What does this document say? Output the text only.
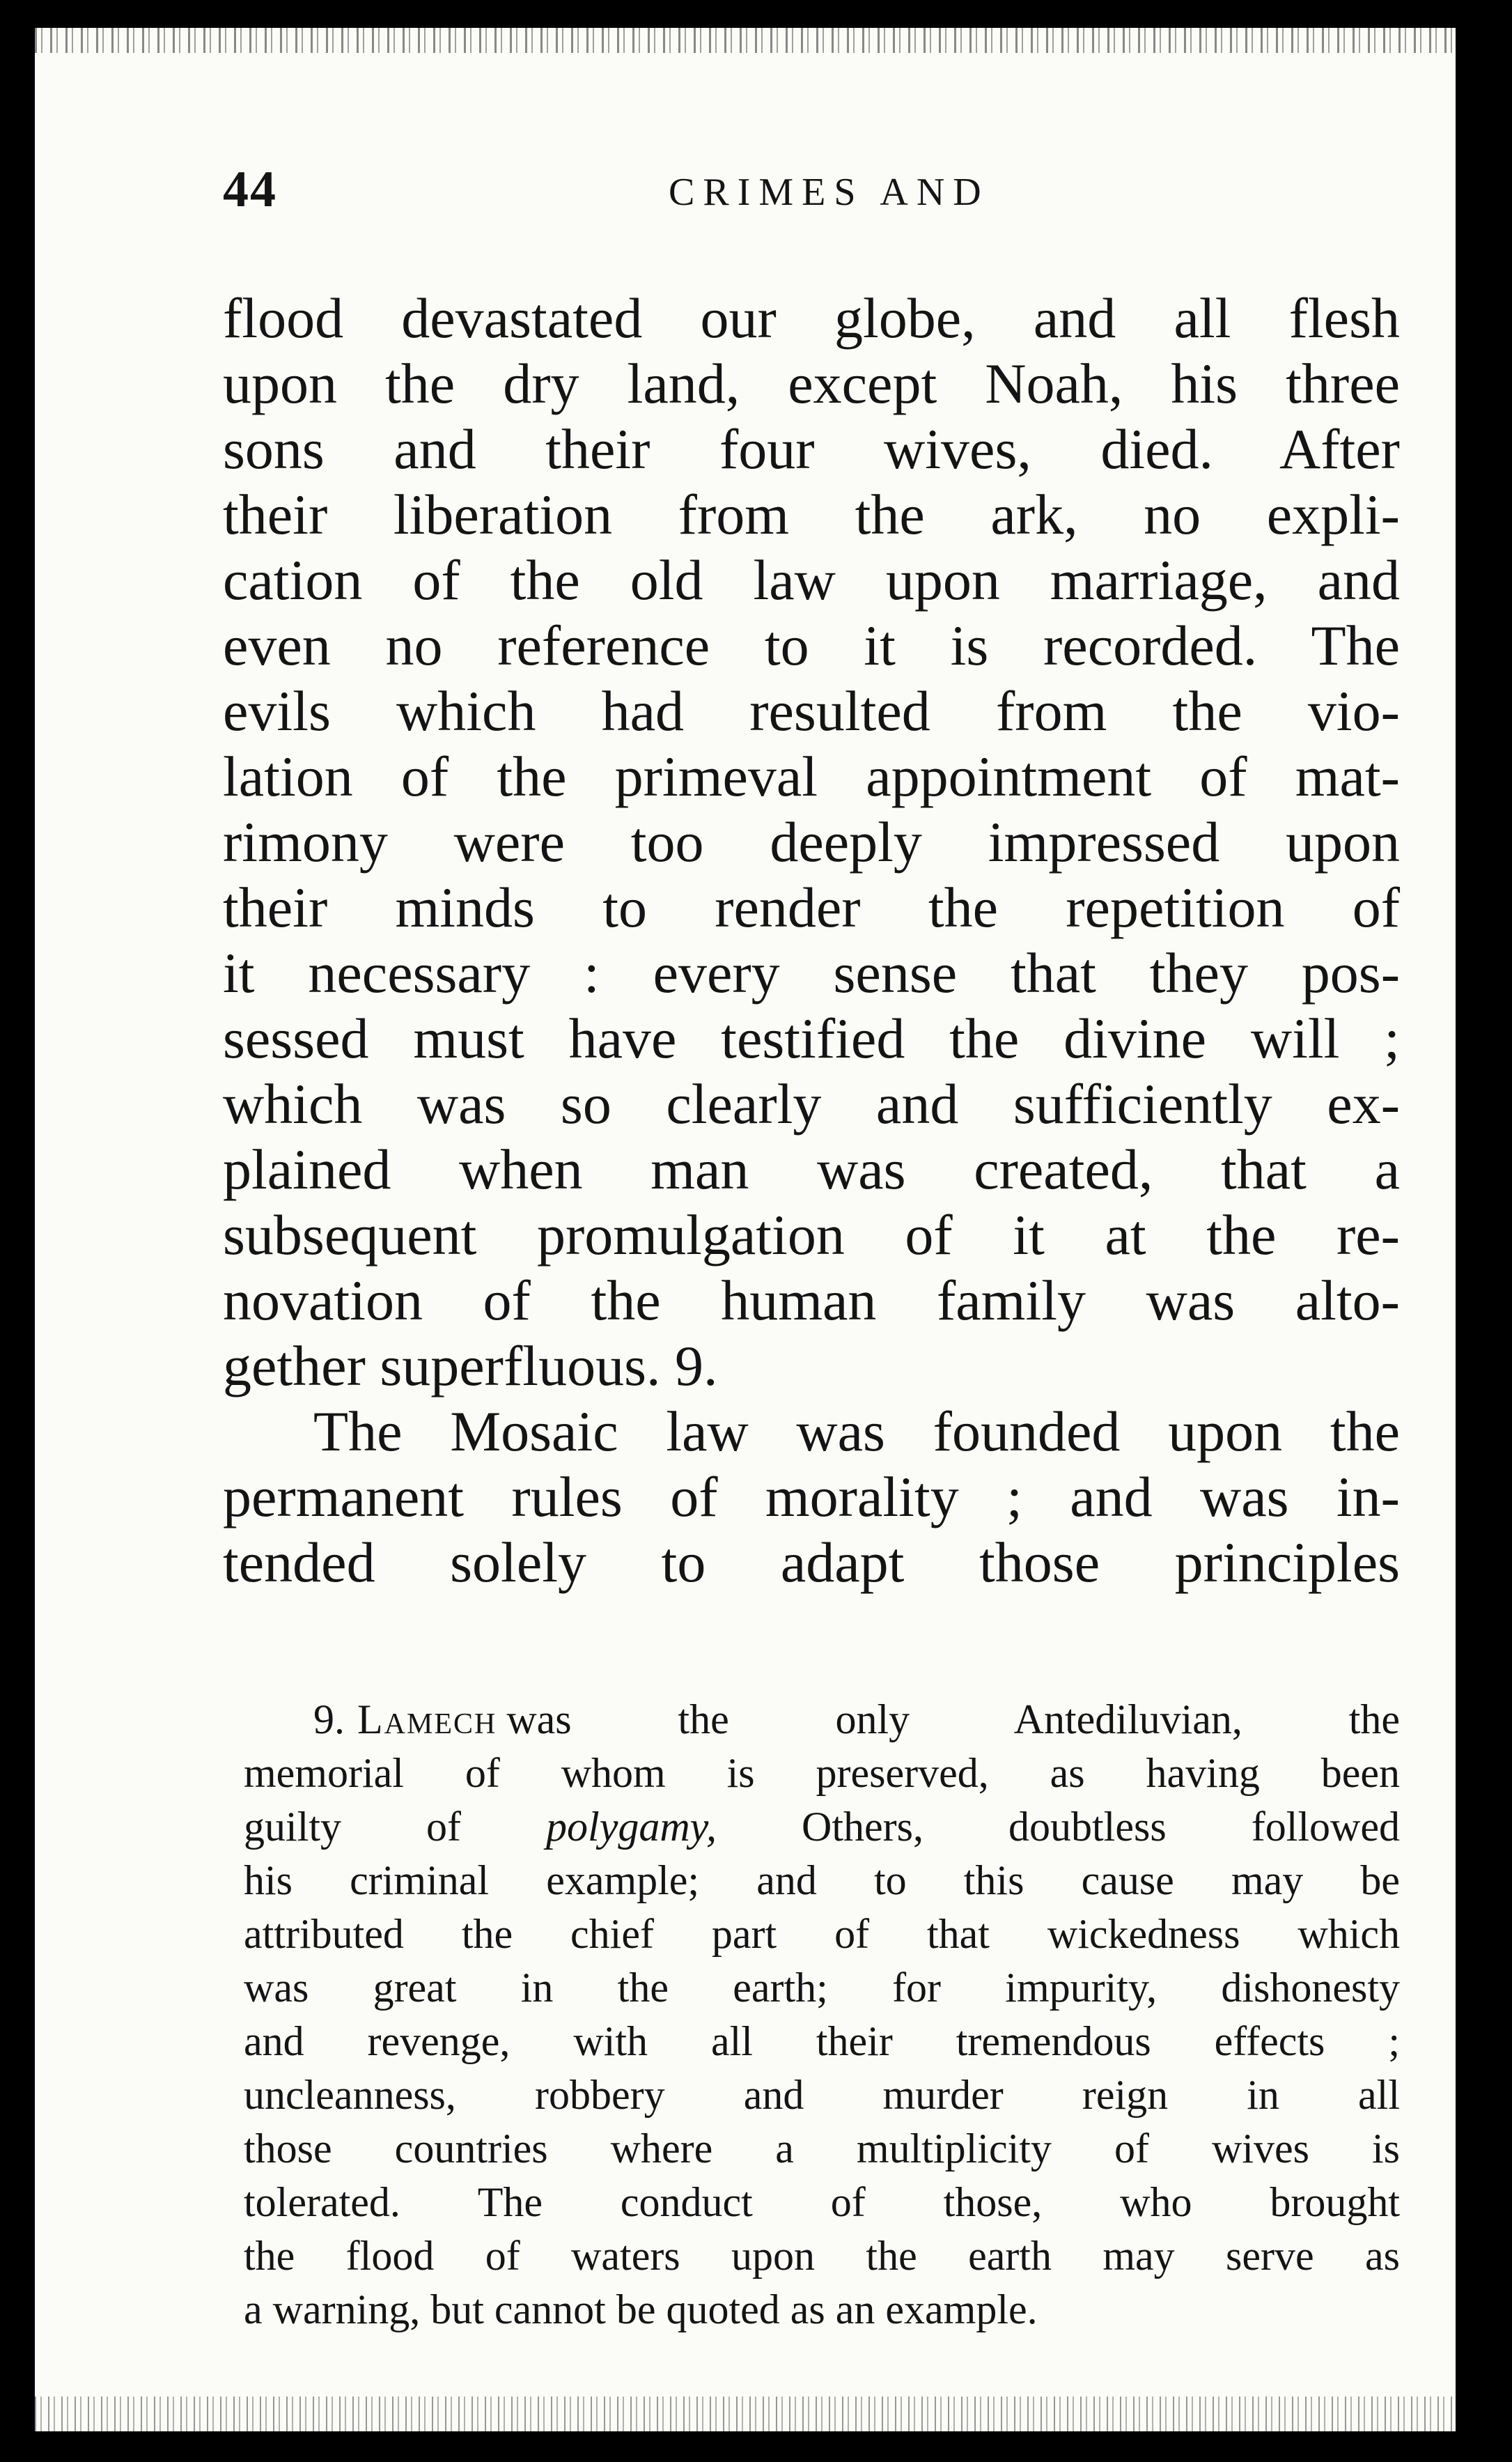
44	CRIMES AND
flood devastated our globe, and all flesh
upon the dry land, except Noah, his three
sons and their four wives, died. After
their liberation from the ark, no expli-
cation of the old law upon marriage, and
even no reference to it is recorded. The
evils which had resulted from the vio-
lation of the primeval appointment of mat-
rimony were too deeply impressed upon
their minds to render the repetition of
it necessary : every sense that they pos-
sessed must have testified the divine will ;
which was so clearly and sufficiently ex-
plained when man was created, that a
subsequent promulgation of it at the re-
novation of the human family was alto-
gether superfluous. 9.
The Mosaic law was founded upon the
permanent rules of morality ; and was in-
tended solely to adapt those principles
9. Lamech was the only Antediluvian, the
memorial of whom is preserved, as having been
guilty of polygamy, Others, doubtless followed
his criminal example; and to this cause may be
attributed the chief part of that wickedness which
was great in the earth; for impurity, dishonesty
and revenge, with all their tremendous effects ;
uncleanness, robbery and murder reign in all
those countries where a multiplicity of wives is
tolerated. The conduct of those, who brought
the flood of waters upon the earth may serve as
a warning, but cannot be quoted as an example.
